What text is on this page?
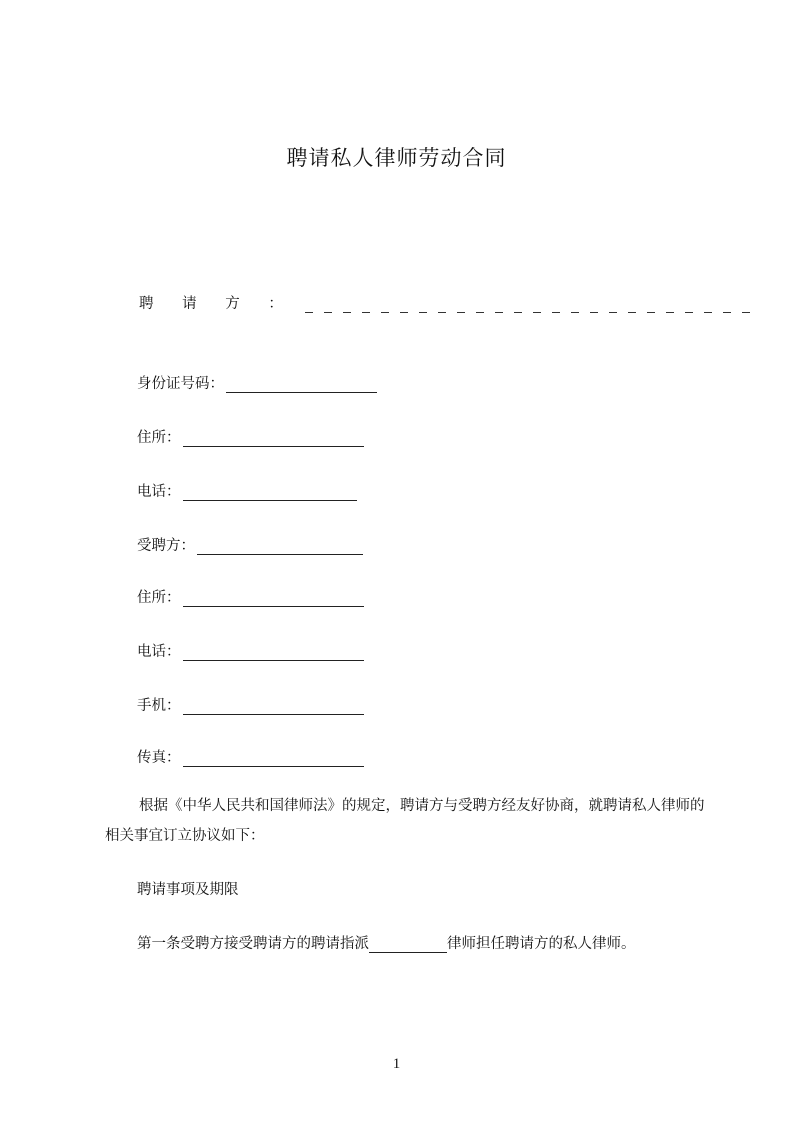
聘请私人律师劳动合同
聘 请 方 ：
身份证号码：
住所：
电话：
受聘方：
住所：
电话：
手机：
传真：
根据《中华人民共和国律师法》的规定，聘请方与受聘方经友好协商，就聘请私人律师的相关事宜订立协议如下：
聘请事项及期限
第一条受聘方接受聘请方的聘请指派	律师担任聘请方的私人律师。
1
